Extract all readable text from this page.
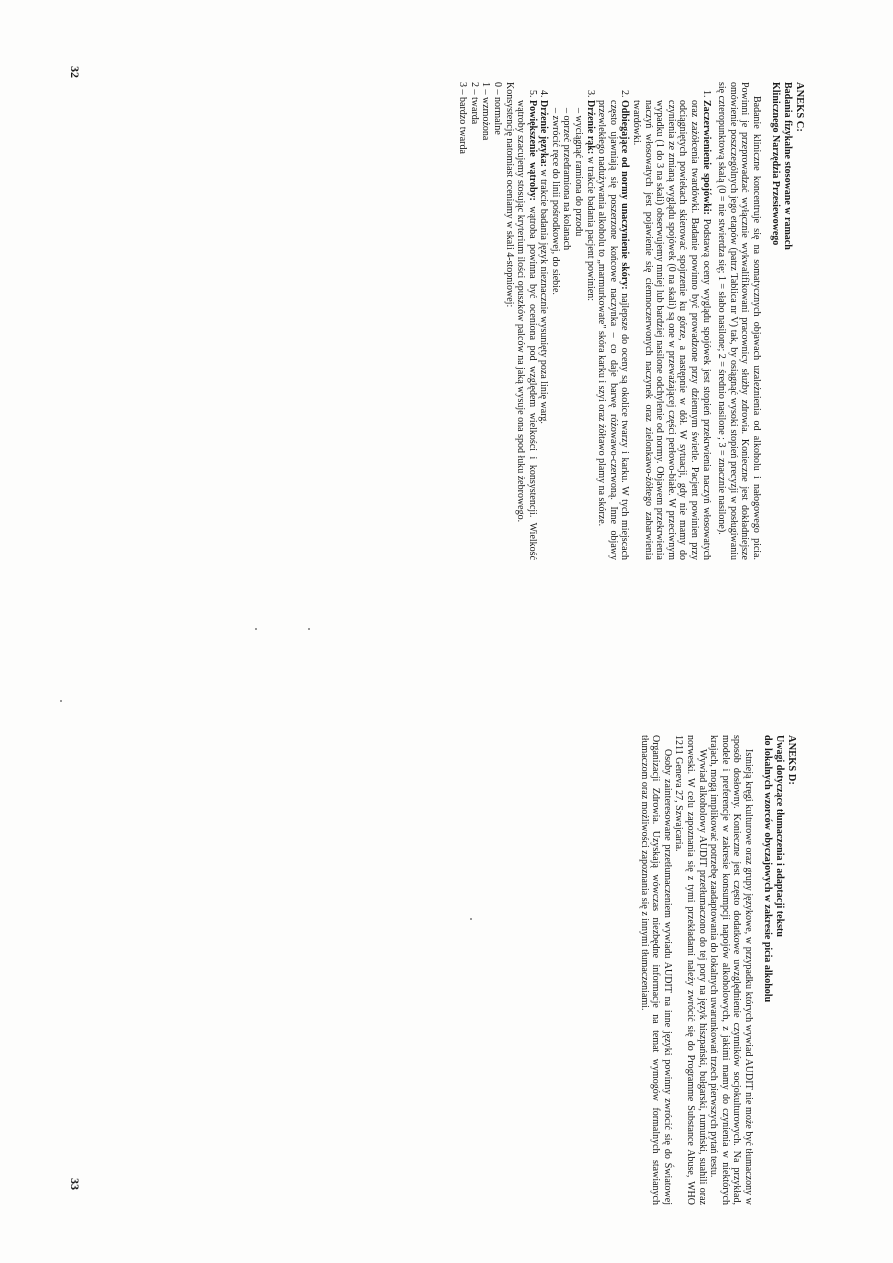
32
ANEKS C:

Badania fizykalne stosowane w ramach

Klinicznego Narzędzia Przesiewowego

Badanie kliniczne koncentruje się na somatycznych objawach uzależnienia od alkoholu i nałogowego picia. Powinni je przeprowadzać wyłącznie wykwalifikowani pracownicy służby zdrowia. Konieczne jest dokładniejsze omówienie poszczególnych jego etapów (patrz Tablica nr V) tak, by osiągnąć wysoki stopień precyzji w posługiwaniu się czteropunktową skalą (0 = nie stwierdza się; 1 = słabo nasilone; 2 = średnio nasilone ; 3 = znacznie nasilone).

1. Zaczerwienienie spojówki: Podstawą oceny wyglądu spojówek jest stopień przekrwienia naczyń włosowatych oraz zażółcenia twardówki. Badanie powinno być prowadzone przy dziennym świetle. Pacjent powinien przy odciągniętych powiekach skierować spojrzenie ku górze, a następnie w dół. W sytuacji, gdy nie mamy do czynienia ze zmianą wyglądu spojówek (0 na skali) są one w przeważającej części perłowo-białe. W przeciwnym wypadku (1 do 3 na skali) obserwujemy mniej lub bardziej nasilone odchylenie od normy. Objawem przekrwienia naczyń włosowatych jest pojawienie się ciemnoczerwonych naczynek oraz zielonkawo-żółtego zabarwienia twardówki.
2. Odbiegające od normy unaczynienie skóry: najlepsze do oceny są okolice twarzy i karku. W tych miejscach często ujawniają się poszerzone końcowe naczynka – co daje barwę różowawo-czerwoną. Inne objawy przewlekłego nadużywania alkoholu to „marmurkowate" skóra karku i szyi oraz żółtawo plamy na skórze.
3. Drżenie rąk: w trakcie badania pacjent powinien:
– wyciągnąć ramiona do przodu
– oprzeć przedramiona na kolanach
– zwrócić ręce do linii pośrodkowej, do siebie.
4. Drżenie języka: w trakcie badania język nieznacznie wysunięty poza linię warg.
5. Powiększenie wątroby: wątroba powinna być oceniona pod względem wielkości i konsystencji. Wielkość wątroby szacujemy stosując kryterium ilości opuszków palców na jaką wysuje ona spod łuku żebrowego.

Konsystencję natomiast oceniamy w skali 4-stopniowej:

0 – normalne
1 – wzmożona
2 – twarda
3 – bardzo twarda
ANEKS D:

Uwagi dotyczące tłumaczenia i adaptacji tekstu

do lokalnych wzorców obyczajowych w zakresie picia alkoholu

Istnieją kręgi kulturowe oraz grupy językowe, w przypadku których wywiad AUDIT nie może być tłumaczony w sposób dosłowny. Konieczne jest często dodatkowe uwzględnienie czynników socjokulturowych. Na przykład, modele i preferencje w zakresie konsumpcji napojów alkoholowych, z jakimi mamy do czynienia w niektórych krajach, mogą implikować potrzebę zaadaptowania do lokalnych uwarunkowań trzech pierwszych pytań testu.

Wywiad alkoholowy AUDIT przetłumaczono do tej pory na język hiszpański, bułgarski, rumuński, suahili oraz norweski. W celu zapoznania się z tymi przekładami należy zwrócić się do Programme Substance Abuse, WHO 1211 Geneva 27, Szwajcaria.

Osoby zainteresowane przetłumaczeniem wywiadu AUDIT na inne języki powinny zwrócić się do Światowej Organizacji Zdrowia. Uzyskają wówczas niezbędne informacje na temat wymogów formalnych stawianych tłumaczom oraz możliwości zapoznania się z innymi tłumaczeniami.

33
